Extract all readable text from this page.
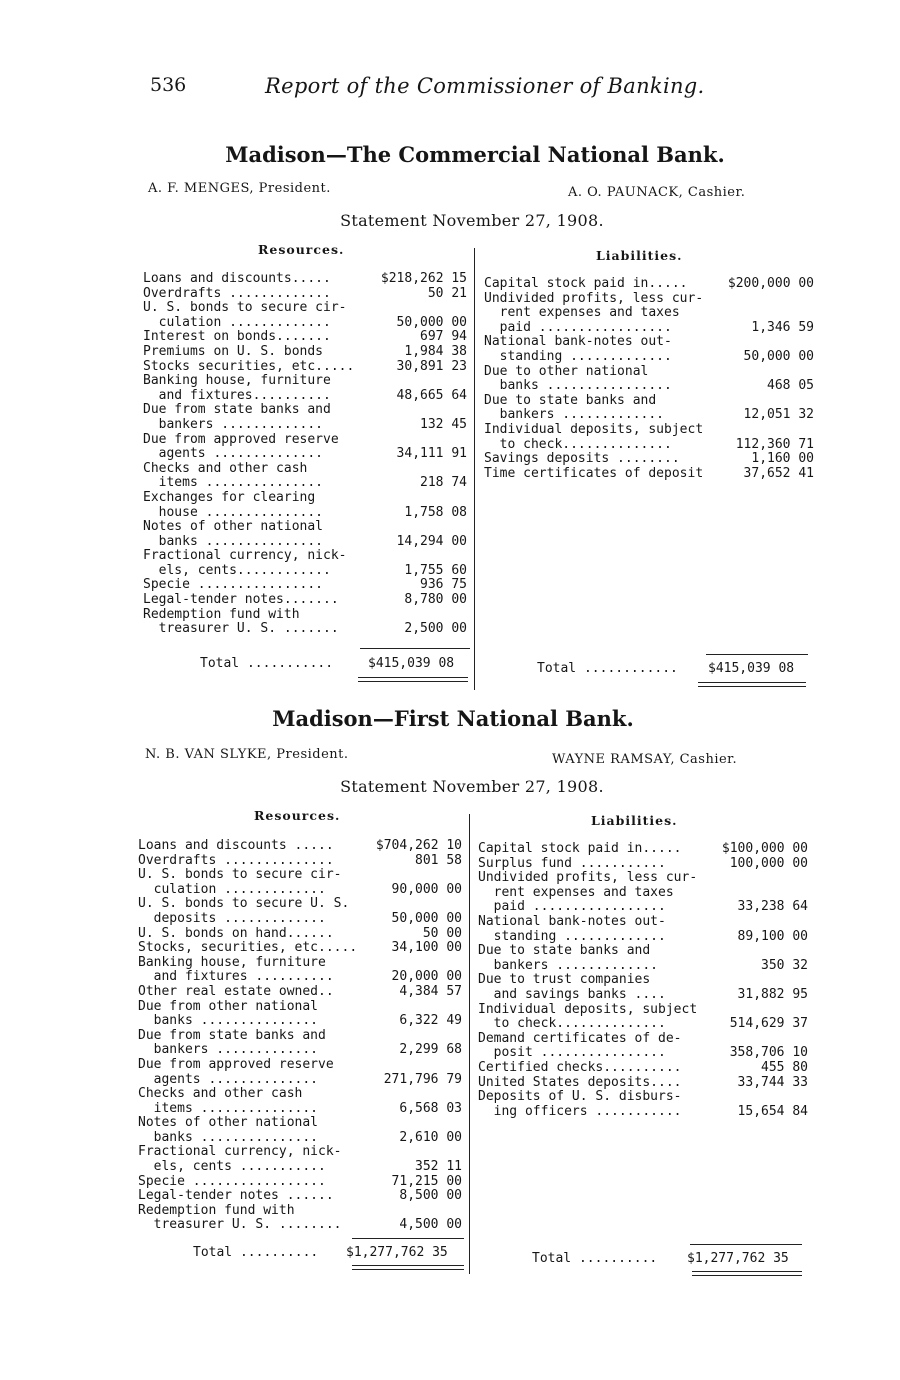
536	Report of the Commissioner of Banking.
Madison—The Commercial National Bank.
A. F. MENGES, President.	A. O. PAUNACK, Cashier.
Statement November 27, 1908.
Resources.	Liabilities.
Loans and discounts.....	$218,262 15
Overdrafts .............	50 21
U. S. bonds to secure cir-
culation .............	50,000 00
Interest on bonds.......	697 94
Premiums on U. S. bonds	1,984 38
Stocks securities, etc.....	30,891 23
Banking house, furniture
and fixtures..........	48,665 64
Due from state banks and
bankers .............	132 45
Due from approved reserve
agents ..............	34,111 91
Checks and other cash
items ...............	218 74
Exchanges for clearing
house ...............	1,758 08
Notes of other national
banks ...............	14,294 00
Fractional currency, nick-
els, cents............	1,755 60
Specie ................	936 75
Legal-tender notes.......	8,780 00
Redemption fund with
treasurer U. S. .......	2,500 00
Capital stock paid in.....	$200,000 00
Undivided profits, less cur-
rent expenses and taxes
paid .................	1,346 59
National bank-notes out-
standing .............	50,000 00
Due to other national
banks ................	468 05
Due to state banks and
bankers .............	12,051 32
Individual deposits, subject
to check..............	112,360 71
Savings deposits ........	1,160 00
Time certificates of deposit	37,652 41
Total ...........	$415,039 08	Total ............ $415,039 08
Madison—First National Bank.
N. B. VAN SLYKE, President.	WAYNE RAMSAY, Cashier.
Statement November 27, 1908.
Resources.	Liabilities.
Loans and discounts .....	$704,262 10
Overdrafts ..............	801 58
U. S. bonds to secure cir-
culation .............	90,000 00
U. S. bonds to secure U. S.
deposits .............	50,000 00
U. S. bonds on hand......	50 00
Stocks, securities, etc.....	34,100 00
Banking house, furniture
and fixtures ..........	20,000 00
Other real estate owned..	4,384 57
Due from other national
banks ...............	6,322 49
Due from state banks and
bankers .............	2,299 68
Due from approved reserve
agents ..............	271,796 79
Checks and other cash
items ...............	6,568 03
Notes of other national
banks ...............	2,610 00
Fractional currency, nick-
els, cents ...........	352 11
Specie .................	71,215 00
Legal-tender notes ......	8,500 00
Redemption fund with
treasurer U. S. ........	4,500 00
Capital stock paid in.....	$100,000 00
Surplus fund ...........	100,000 00
Undivided profits, less cur-
rent expenses and taxes
paid .................	33,238 64
National bank-notes out-
standing .............	89,100 00
Due to state banks and
bankers .............	350 32
Due to trust companies
and savings banks ....	31,882 95
Individual deposits, subject
to check..............	514,629 37
Demand certificates of de-
posit ................	358,706 10
Certified checks..........	455 80
United States deposits....	33,744 33
Deposits of U. S. disburs-
ing officers ...........	15,654 84
Total .......... $1,277,762 35	Total .......... $1,277,762 35
